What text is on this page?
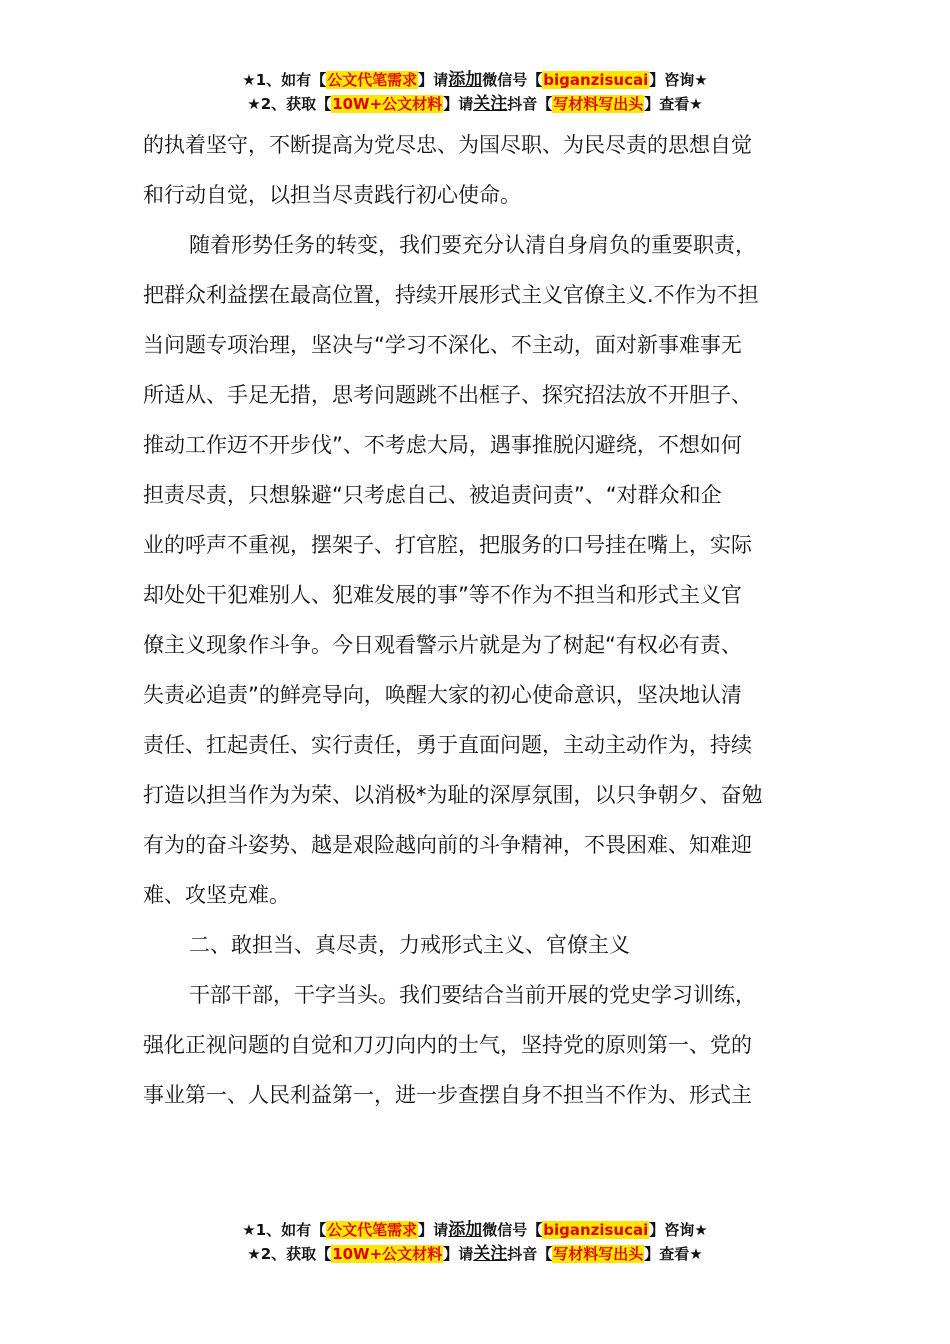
★1、如有【公文代笔需求】请添加微信号【biganzisucai】咨询★
★2、获取【10W+公文材料】请关注抖音【写材料写出头】查看★
的执着坚守，不断提高为党尽忠、为国尽职、为民尽责的思想自觉
和行动自觉，以担当尽责践行初心使命。
随着形势任务的转变，我们要充分认清自身肩负的重要职责，
把群众利益摆在最高位置，持续开展形式主义官僚主义.不作为不担
当问题专项治理，坚决与“学习不深化、不主动，面对新事难事无
所适从、手足无措，思考问题跳不出框子、探究招法放不开胆子、
推动工作迈不开步伐”、不考虑大局，遇事推脱闪避绕，不想如何
担责尽责，只想躲避“只考虑自己、被追责问责”、“对群众和企
业的呼声不重视，摆架子、打官腔，把服务的口号挂在嘴上，实际
却处处干犯难别人、犯难发展的事”等不作为不担当和形式主义官
僚主义现象作斗争。今日观看警示片就是为了树起“有权必有责、
失责必追责”的鲜亮导向，唤醒大家的初心使命意识，坚决地认清
责任、扛起责任、实行责任，勇于直面问题，主动主动作为，持续
打造以担当作为为荣、以消极*为耻的深厚氛围，以只争朝夕、奋勉
有为的奋斗姿势、越是艰险越向前的斗争精神，不畏困难、知难迎
难、攻坚克难。
二、敢担当、真尽责，力戒形式主义、官僚主义
干部干部，干字当头。我们要结合当前开展的党史学习训练，
强化正视问题的自觉和刀刃向内的士气，坚持党的原则第一、党的
事业第一、人民利益第一，进一步查摆自身不担当不作为、形式主
★1、如有【公文代笔需求】请添加微信号【biganzisucai】咨询★
★2、获取【10W+公文材料】请关注抖音【写材料写出头】查看★
